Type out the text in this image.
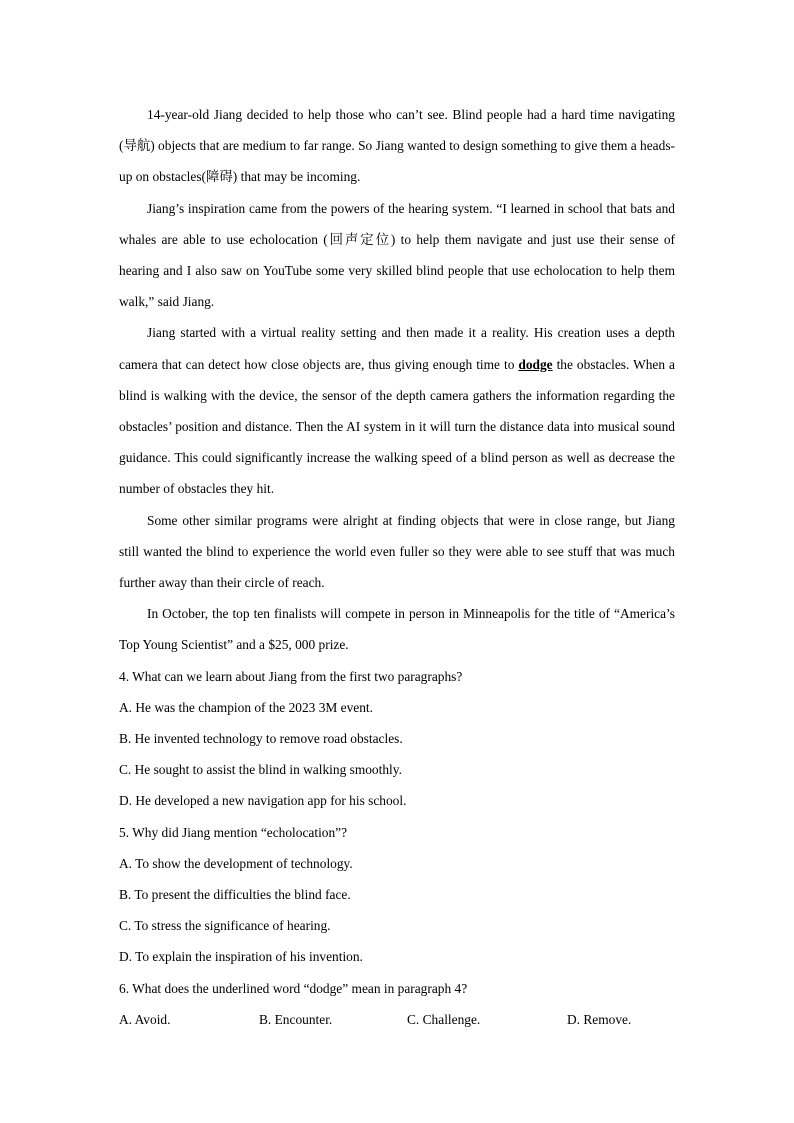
14-year-old Jiang decided to help those who can’t see. Blind people had a hard time navigating (导航) objects that are medium to far range. So Jiang wanted to design something to give them a heads-up on obstacles(障碍) that may be incoming.

Jiang’s inspiration came from the powers of the hearing system. “I learned in school that bats and whales are able to use echolocation (回声定位) to help them navigate and just use their sense of hearing and I also saw on YouTube some very skilled blind people that use echolocation to help them walk,” said Jiang.

Jiang started with a virtual reality setting and then made it a reality. His creation uses a depth camera that can detect how close objects are, thus giving enough time to dodge the obstacles. When a blind is walking with the device, the sensor of the depth camera gathers the information regarding the obstacles’ position and distance. Then the AI system in it will turn the distance data into musical sound guidance. This could significantly increase the walking speed of a blind person as well as decrease the number of obstacles they hit.

Some other similar programs were alright at finding objects that were in close range, but Jiang still wanted the blind to experience the world even fuller so they were able to see stuff that was much further away than their circle of reach.

In October, the top ten finalists will compete in person in Minneapolis for the title of “America’s Top Young Scientist” and a $25, 000 prize.

4. What can we learn about Jiang from the first two paragraphs?

A. He was the champion of the 2023 3M event.

B. He invented technology to remove road obstacles.

C. He sought to assist the blind in walking smoothly.

D. He developed a new navigation app for his school.

5. Why did Jiang mention “echolocation”?

A. To show the development of technology.

B. To present the difficulties the blind face.

C. To stress the significance of hearing.

D. To explain the inspiration of his invention.

6. What does the underlined word “dodge” mean in paragraph 4?

A. Avoid.	B. Encounter.	C. Challenge.	D. Remove.
